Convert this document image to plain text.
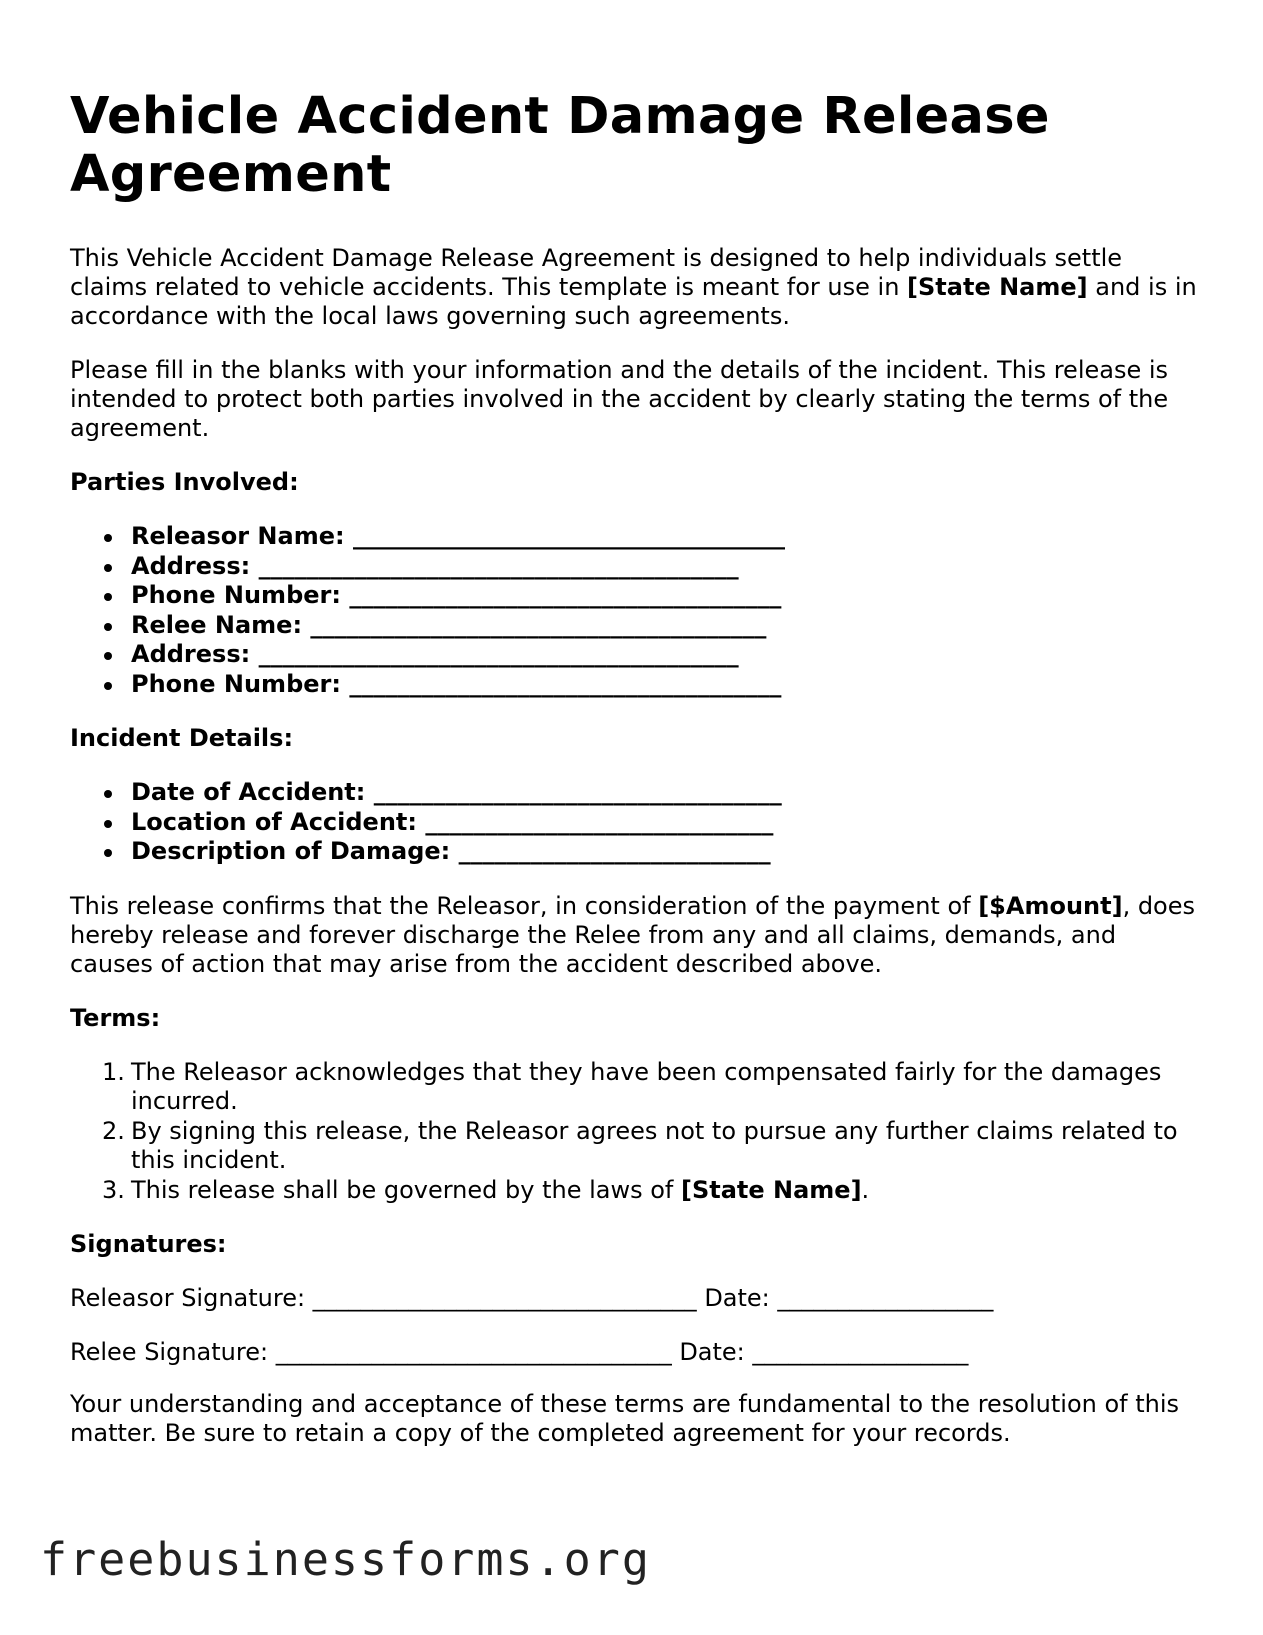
Vehicle Accident Damage Release Agreement

This Vehicle Accident Damage Release Agreement is designed to help individuals settle claims related to vehicle accidents. This template is meant for use in [State Name] and is in accordance with the local laws governing such agreements.

Please fill in the blanks with your information and the details of the incident. This release is intended to protect both parties involved in the accident by clearly stating the terms of the agreement.

Parties Involved:

Releasor Name: ____________________________________
Address: ________________________________________
Phone Number: ____________________________________
Relee Name: ______________________________________
Address: ________________________________________
Phone Number: ____________________________________

Incident Details:

Date of Accident: __________________________________
Location of Accident: _____________________________
Description of Damage: __________________________

This release confirms that the Releasor, in consideration of the payment of [$Amount], does hereby release and forever discharge the Relee from any and all claims, demands, and causes of action that may arise from the accident described above.

Terms:

1. The Releasor acknowledges that they have been compensated fairly for the damages incurred.
2. By signing this release, the Releasor agrees not to pursue any further claims related to this incident.
3. This release shall be governed by the laws of [State Name].

Signatures:

Releasor Signature: ________________________________ Date: __________________

Relee Signature: _________________________________ Date: __________________

Your understanding and acceptance of these terms are fundamental to the resolution of this matter. Be sure to retain a copy of the completed agreement for your records.

freebusinessforms.org
